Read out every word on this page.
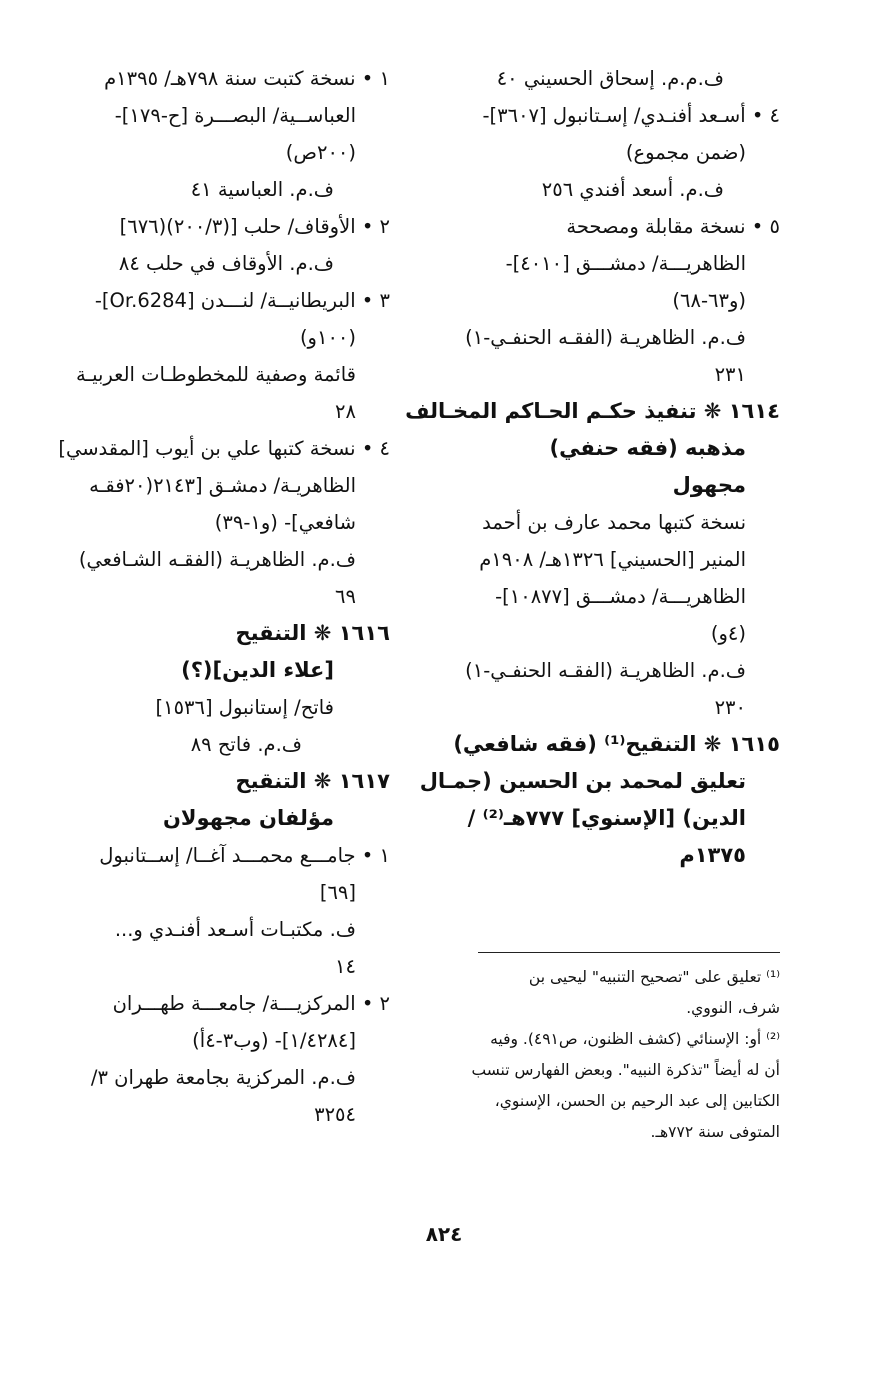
ف.م.م. إسحاق الحسيني ٤٠
٤ • أسـعد أفنـدي/ إسـتانبول [٣٦٠٧]-
(ضمن مجموع)
ف.م. أسعد أفندي ٢٥٦
٥ • نسخة مقابلة ومصححة
الظاهريـــة/ دمشـــق [٤٠١٠]-
(و٦٣-٦٨)
ف.م. الظاهريـة (الفقـه الحنفـي-١)
٢٣١
١٦١٤ ❋ تنفيذ حكـم الحـاكم المخـالف
مذهبه (فقه حنفي)
مجهول
نسخة كتبها محمد عارف بن أحمد
المنير [الحسيني] ١٣٢٦هـ/ ١٩٠٨م
الظاهريـــة/ دمشـــق [١٠٨٧٧]-
(٤و)
ف.م. الظاهريـة (الفقـه الحنفـي-١)
٢٣٠
١٦١٥ ❋ التنقيح⁽¹⁾ (فقه شافعي)
تعليق لمحمد بن الحسين (جمـال
الدين) [الإسنوي] ٧٧٧هـ⁽²⁾ /
١٣٧٥م
١ • نسخة كتبت سنة ٧٩٨هـ/ ١٣٩٥م
العباســية/ البصـــرة [ح-١٧٩]-
(٢٠٠ص)
ف.م. العباسية ٤١
٢ • الأوقاف/ حلب [(٢٠٠/٣)(٦٧٦]
ف.م. الأوقاف في حلب ٨٤
٣ • البريطانيــة/ لنـــدن [Or.6284]-
(١٠٠و)
قائمة وصفية للمخطوطـات العربيـة
٢٨
٤ • نسخة كتبها علي بن أيوب [المقدسي]
الظاهريـة/ دمشـق [٢١٤٣(٢٠فقـه
شافعي]- (و١-٣٩)
ف.م. الظاهريـة (الفقـه الشـافعي)
٦٩
١٦١٦ ❋ التنقيح
[علاء الدين](؟)
فاتح/ إستانبول [١٥٣٦]
ف.م. فاتح ٨٩
١٦١٧ ❋ التنقيح
مؤلفان مجهولان
١ • جامـــع محمـــد آغــا/ إســتانبول
[٦٩]
ف. مكتبـات أسـعد أفنـدي و...
١٤
٢ • المركزيـــة/ جامعـــة طهـــران
[١/٤٢٨٤]- (وب٣-٤أ)
ف.م. المركزية بجامعة طهران ٣/
٣٢٥٤
⁽¹⁾ تعليق على "تصحيح التنبيه" ليحيى بن
شرف، النووي.
⁽²⁾ أو: الإسنائي (كشف الظنون، ص٤٩١). وفيه
أن له أيضاً "تذكرة النبيه". وبعض الفهارس تنسب
الكتابين إلى عبد الرحيم بن الحسن، الإسنوي،
المتوفى سنة ٧٧٢هـ.
٨٢٤
